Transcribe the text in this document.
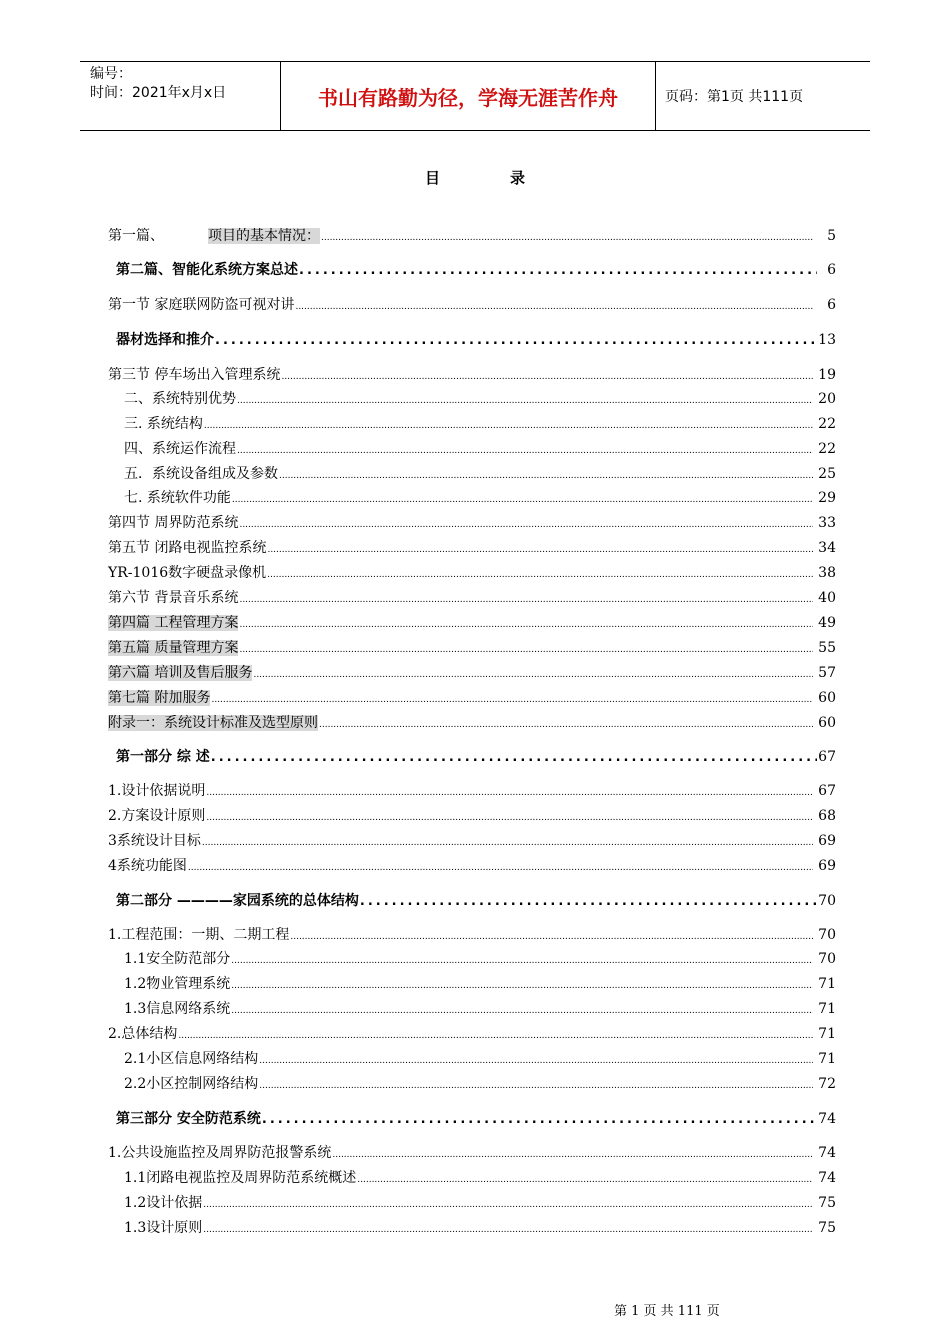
编号：
时间：2021年x月x日	书山有路勤为径，学海无涯苦作舟	页码：第1页 共111页
目	录
第一篇、	项目的基本情况： .....	5
第二篇、智能化系统方案总述 .....	6
第一节 家庭联网防盗可视对讲 .....	6
器材选择和推介 .....	13
第三节 停车场出入管理系统 .....	19
二、系统特别优势 .....	20
三. 系统结构 .....	22
四、系统运作流程 .....	22
五．系统设备组成及参数 .....	25
七. 系统软件功能 .....	29
第四节 周界防范系统 .....	33
第五节 闭路电视监控系统 .....	34
YR-1016数字硬盘录像机 .....	38
第六节 背景音乐系统 .....	40
第四篇 工程管理方案 .....	49
第五篇 质量管理方案 .....	55
第六篇 培训及售后服务 .....	57
第七篇 附加服务 .....	60
附录一：系统设计标准及选型原则 .....	60
第一部分 综 述 .....	67
1.设计依据说明 .....	67
2.方案设计原则 .....	68
3系统设计目标 .....	69
4系统功能图 .....	69
第二部分 ————家园系统的总体结构 .....	70
1.工程范围：一期、二期工程 .....	70
1.1安全防范部分 .....	70
1.2物业管理系统 .....	71
1.3信息网络系统 .....	71
2.总体结构 .....	71
2.1小区信息网络结构 .....	71
2.2小区控制网络结构 .....	72
第三部分 安全防范系统 .....	74
1.公共设施监控及周界防范报警系统 .....	74
1.1闭路电视监控及周界防范系统概述 .....	74
1.2设计依据 .....	75
1.3设计原则 .....	75
第 1 页 共 111 页
